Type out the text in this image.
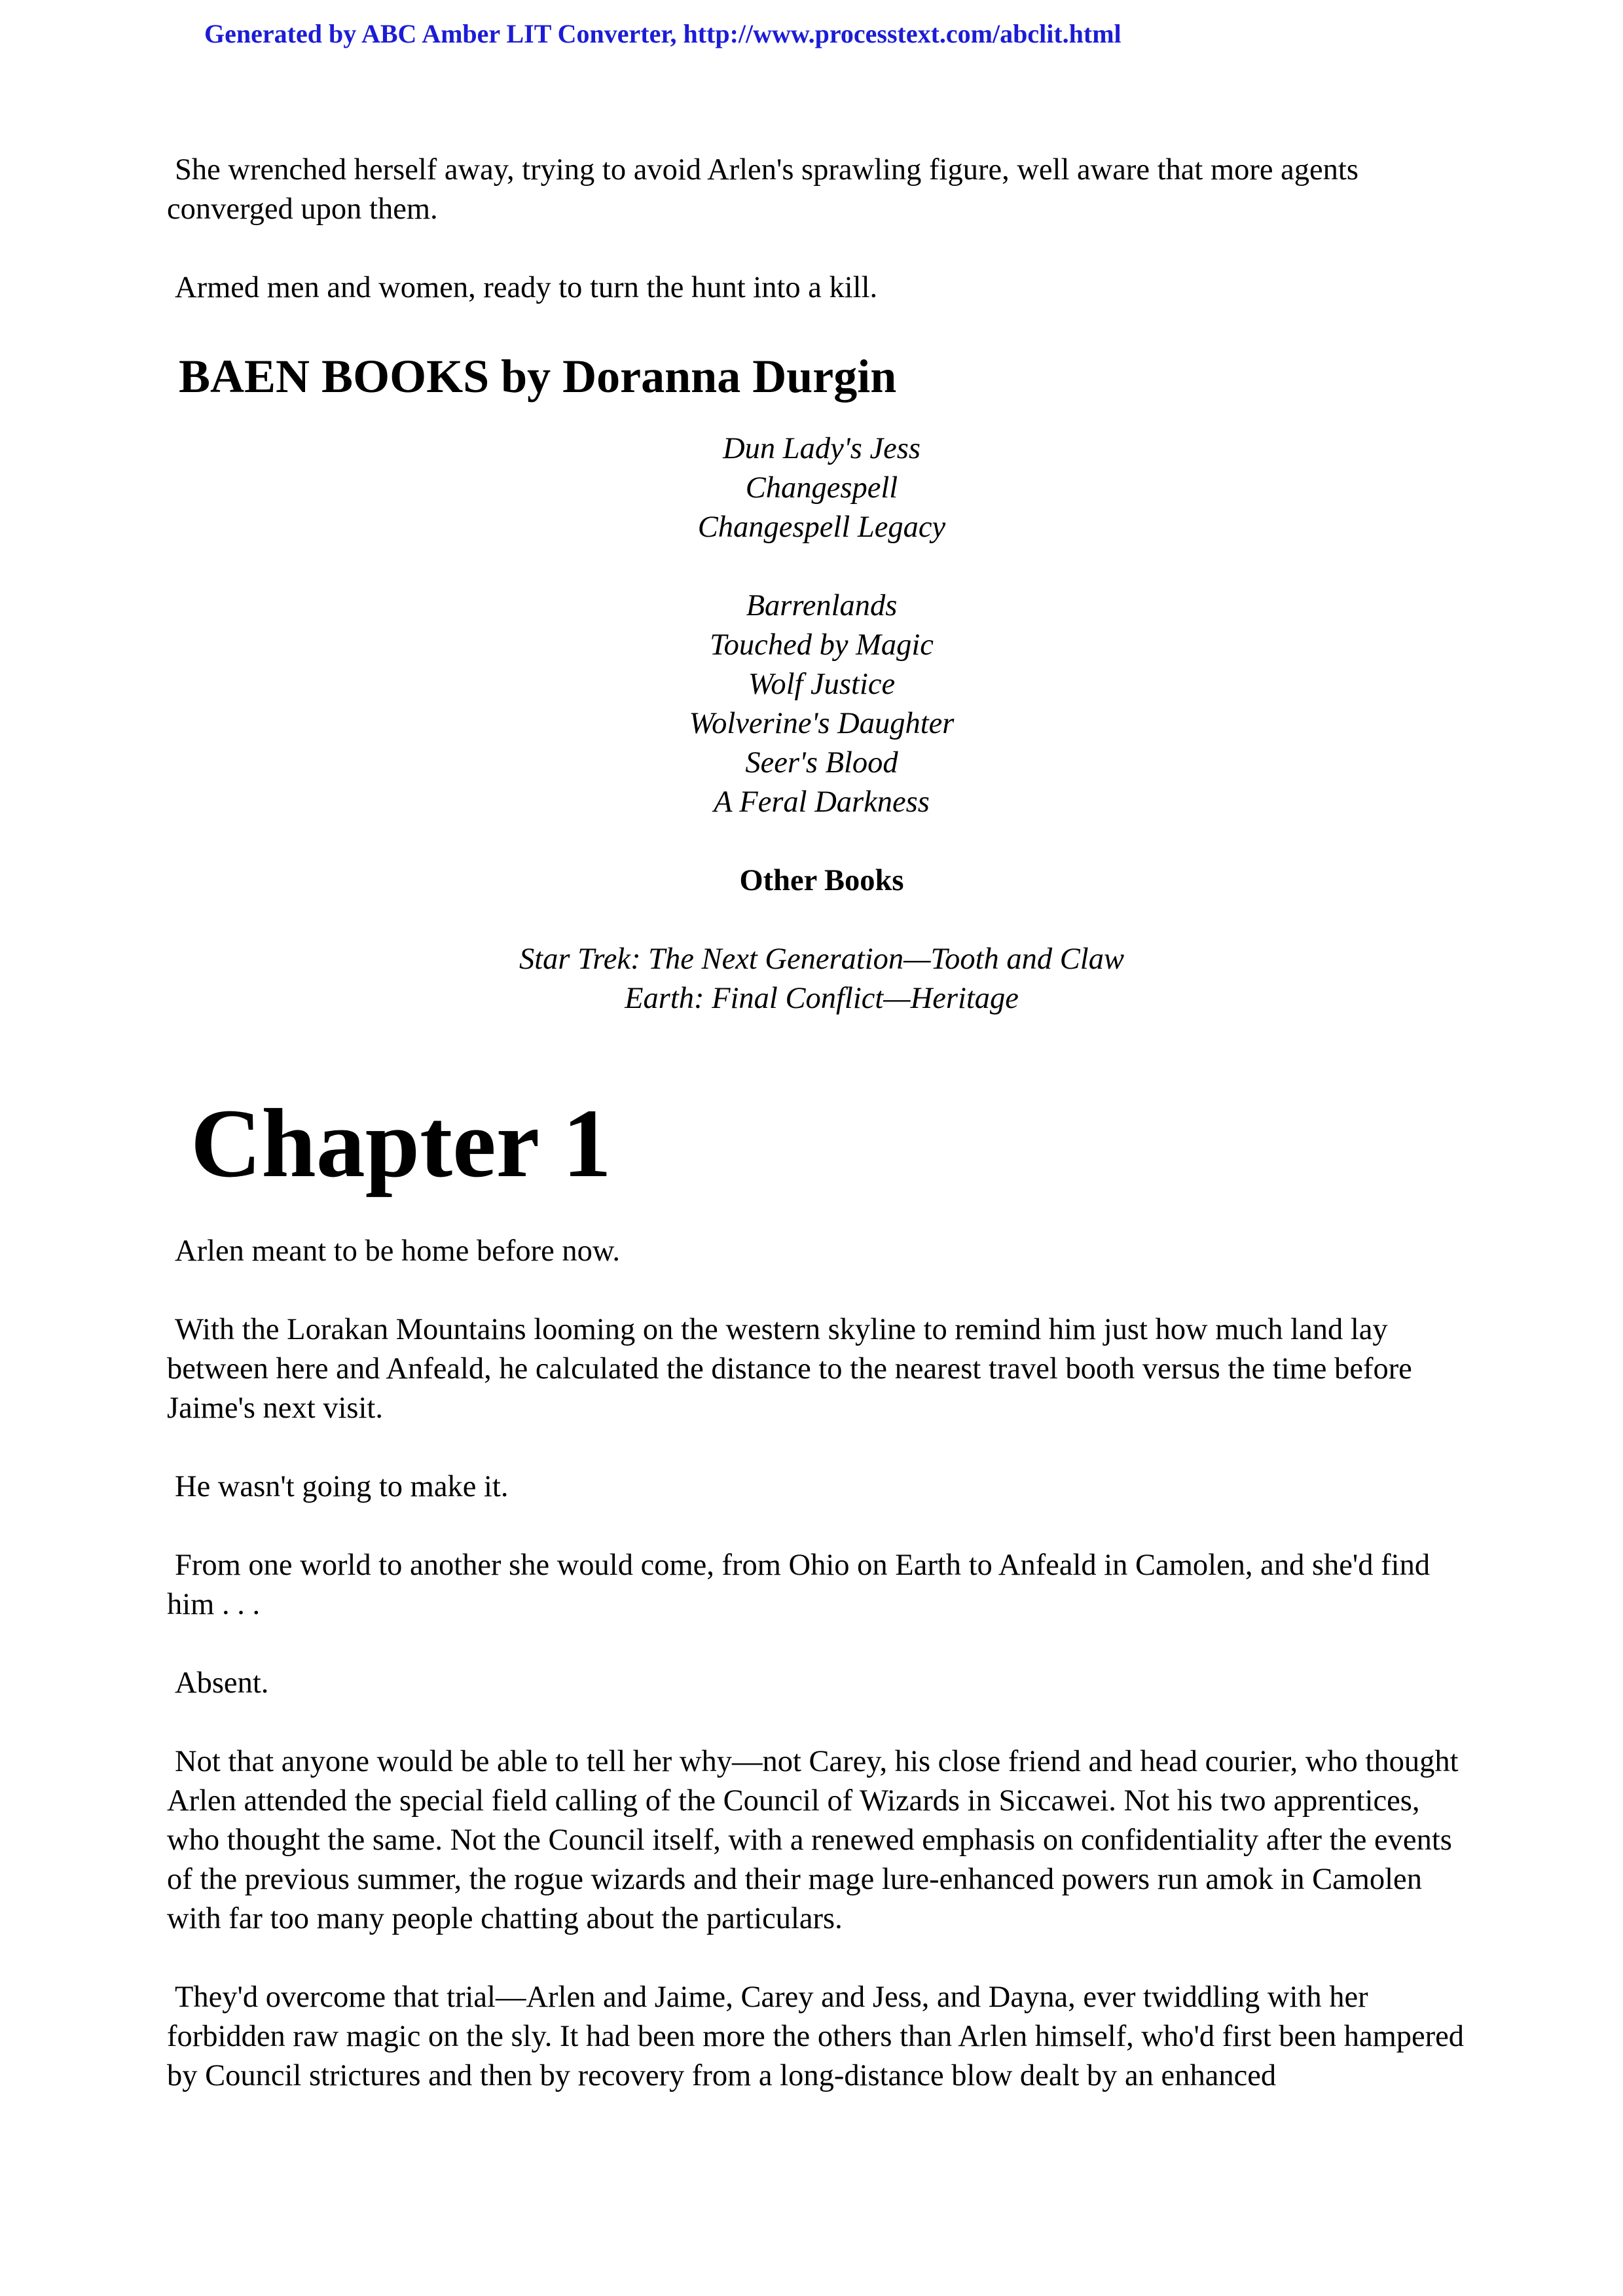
Generated by ABC Amber LIT Converter, http://www.processtext.com/abclit.html

She wrenched herself away, trying to avoid Arlen's sprawling figure, well aware that more agents converged upon them.

Armed men and women, ready to turn the hunt into a kill.

BAEN BOOKS by Doranna Durgin
Dun Lady's Jess
Changespell
Changespell Legacy
Barrenlands
Touched by Magic
Wolf Justice
Wolverine's Daughter
Seer's Blood
A Feral Darkness
Other Books
Star Trek: The Next Generation—Tooth and Claw
Earth: Final Conflict—Heritage
Chapter 1

Arlen meant to be home before now.

With the Lorakan Mountains looming on the western skyline to remind him just how much land lay between here and Anfeald, he calculated the distance to the nearest travel booth versus the time before Jaime's next visit.

He wasn't going to make it.

From one world to another she would come, from Ohio on Earth to Anfeald in Camolen, and she'd find him . . .

Absent.

Not that anyone would be able to tell her why—not Carey, his close friend and head courier, who thought Arlen attended the special field calling of the Council of Wizards in Siccawei. Not his two apprentices, who thought the same. Not the Council itself, with a renewed emphasis on confidentiality after the events of the previous summer, the rogue wizards and their mage lure-enhanced powers run amok in Camolen with far too many people chatting about the particulars.

They'd overcome that trial—Arlen and Jaime, Carey and Jess, and Dayna, ever twiddling with her forbidden raw magic on the sly. It had been more the others than Arlen himself, who'd first been hampered by Council strictures and then by recovery from a long-distance blow dealt by an enhanced
